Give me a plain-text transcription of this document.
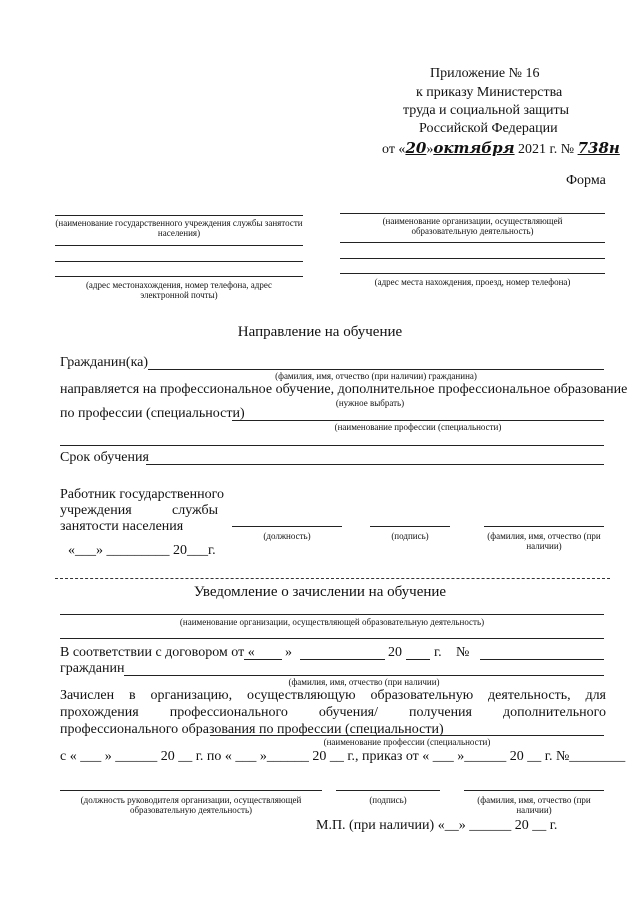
Приложение № 16
к приказу Министерства
труда и социальной защиты
Российской Федерации
от «20»октября 2021 г. № 738н
Форма
(наименование государственного учреждения службы занятости населения)
(адрес местонахождения, номер телефона, адрес электронной почты)
(наименование организации, осуществляющей образовательную деятельность)
(адрес места нахождения, проезд, номер телефона)
Направление на обучение
Гражданин(ка)
(фамилия, имя, отчество (при наличии) гражданина)
направляется на профессиональное обучение, дополнительное профессиональное образование
(нужное выбрать)
по профессии (специальности)
(наименование профессии (специальности)
Срок обучения
Работник государственного
учреждения	службы
занятости населения
(должность)	(подпись)	(фамилия, имя, отчество (при наличии)
«___» _________ 20___г.
Уведомление о зачислении на обучение
(наименование организации, осуществляющей образовательную деятельность)
В соответствии с договором от « »	20 г. №
гражданин
(фамилия, имя, отчество (при наличии)
Зачислен в организацию, осуществляющую образовательную деятельность, для прохождения профессионального обучения/ получения дополнительного профессионального образования по профессии (специальности)
(наименование профессии (специальности)
с « ___ » ______ 20 __ г. по « ___ »______ 20 __ г., приказ от « ___ »______ 20 __ г. №________
(должность руководителя организации, осуществляющей образовательную деятельность)
(подпись)	(фамилия, имя, отчество (при наличии)
М.П. (при наличии) «__» ______ 20 __ г.
